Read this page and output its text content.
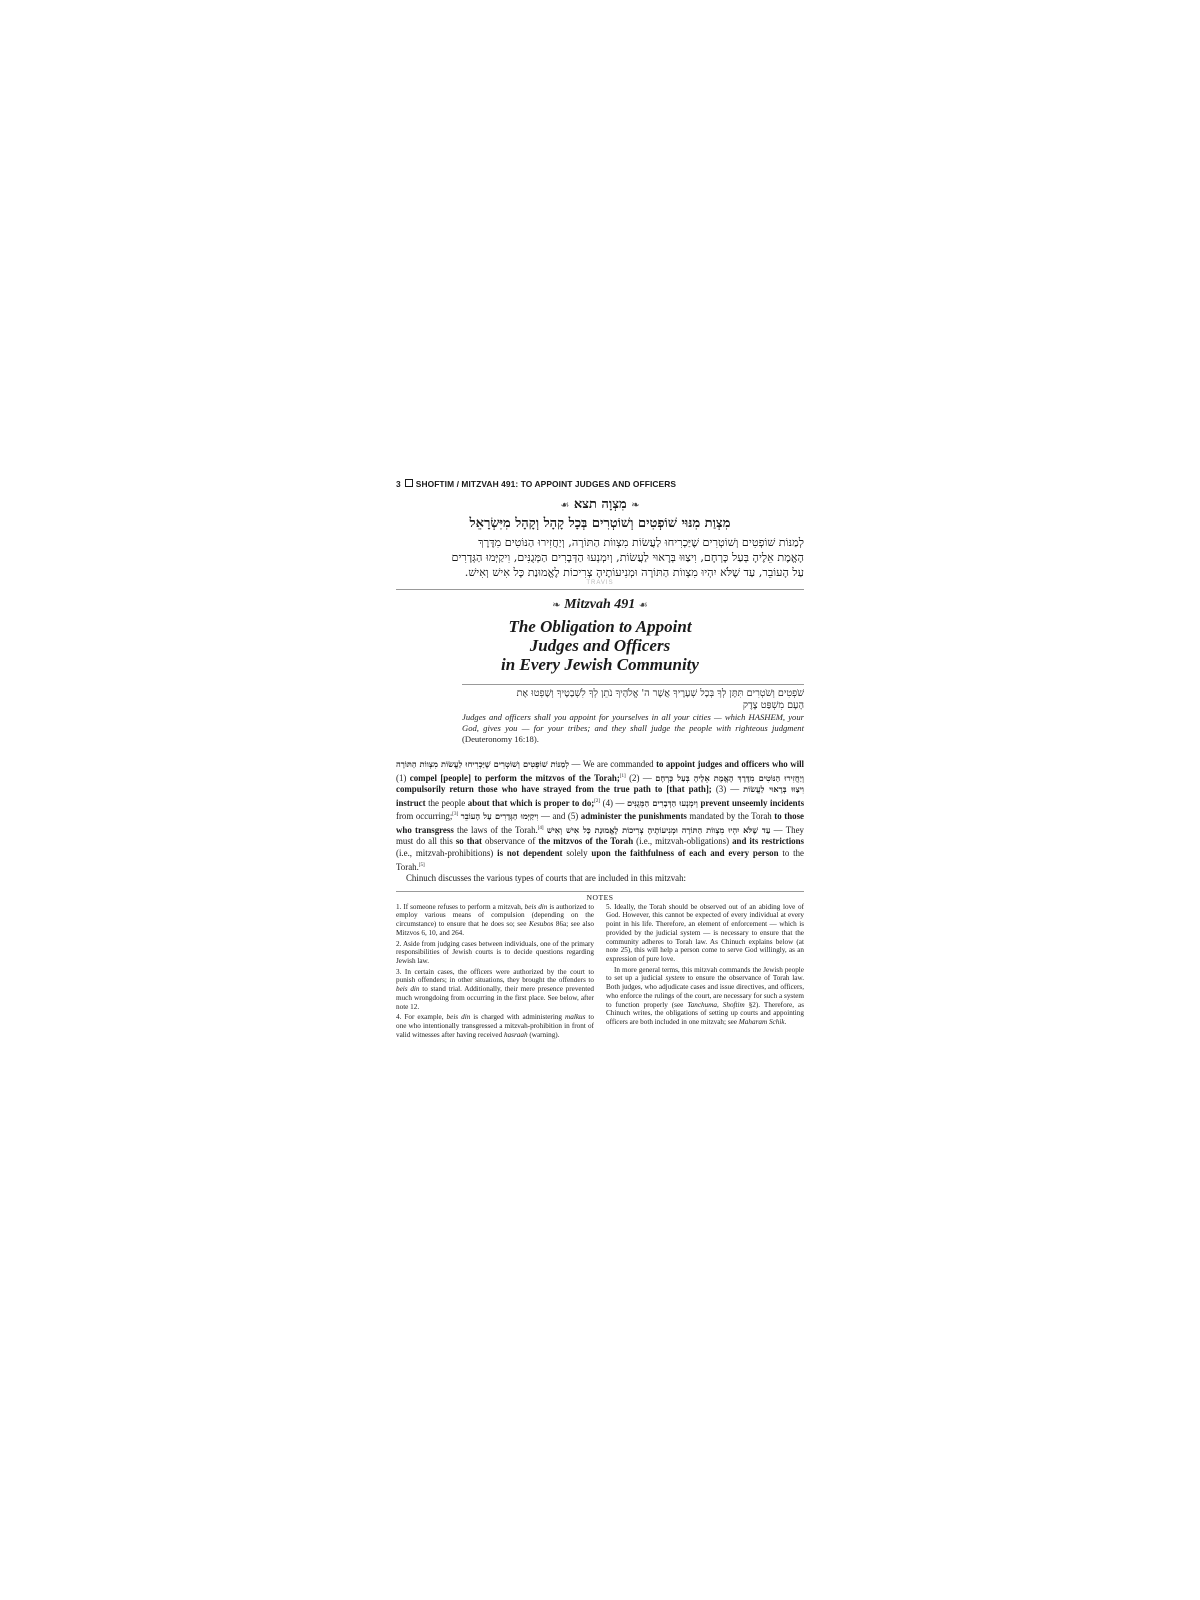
3 SHOFTIM / MITZVAH 491: TO APPOINT JUDGES AND OFFICERS
❧ מִצְוָה תצא ☙
מִצְוַת מִנּוּי שׁוֹפְטִים וְשׁוֹטְרִים בְּכָל קָהָל וְקָהָל מִיִּשְׂרָאֵל
לְמַנּוֹת שׁוֹפְטִים וְשׁוֹטְרִים שֶׁיַּכְרִיחוּ לַעֲשׂוֹת מִצְווֹת הַתּוֹרָה, וְיַחֲזִירוּ הַנּוֹטִים מִדֶּרֶךְ
הָאֱמֶת אֵלֶיהָ בְּעַל כָּרְחָם, וִיצַוּוּ בְּרָאוּי לַעֲשׂוֹת, וְיִמְנְעוּ הַדְּבָרִים הַמְּגֻנִּים, וִיקַיְּמוּ הַגְּדָרִים
עַל הָעוֹבֵר, עַד שֶׁלֹּא יִהְיוּ מִצְווֹת הַתּוֹרָה וּמְנִיעוֹתֶיהָ צְרִיכוֹת לֶאֱמוּנַת כָּל אִישׁ וְאִישׁ.
TRAVIS
❧ Mitzvah 491 ☙
The Obligation to Appoint
Judges and Officers
in Every Jewish Community
שֹׁפְטִים וְשֹׁטְרִים תִּתֶּן לְךָ בְּכָל שְׁעָרֶיךָ אֲשֶׁר ה' אֱלֹהֶיךָ נֹתֵן לְךָ לִשְׁבָטֶיךָ וְשָׁפְטוּ אֶת
הָעָם מִשְׁפַּט צֶדֶק
Judges and officers shall you appoint for yourselves in all your cities — which HASHEM, your God, gives you — for your tribes; and they shall judge the people with righteous judgment (Deuteronomy 16:18).
לְמַנּוֹת שׁוֹפְטִים וְשׁוֹטְרִים שֶׁיַּכְרִיחוּ לַעֲשׂוֹת מִצְווֹת הַתּוֹרָה — We are commanded to appoint judges and officers who will (1) compel [people] to perform the mitzvos of the Torah;[1]	וְיַחֲזִירוּ הַנּוֹטִים מִדֶּרֶךְ הָאֱמֶת אֵלֶיהָ בְּעַל כָּרְחָם — (2) compulsorily return those who have strayed from the true path to [that path];	וִיצַוּוּ בְּרָאוּי לַעֲשׂוֹת — (3) instruct the people about that which is proper to do;[2]	וְיִמְנְעוּ הַדְּבָרִים הַמְּגֻנִּים — (4) prevent unseemly incidents from occurring;[3] וִיקַיְּמוּ הַגְּדָרִים עַל הָעוֹבֵר — and (5) administer the punishments mandated by the Torah to those who transgress the laws of the Torah.[4] עַד שֶׁלֹּא יִהְיוּ מִצְווֹת הַתּוֹרָה וּמְנִיעוֹתֶיהָ צְרִיכוֹת לֶאֱמוּנַת כָּל אִישׁ וְאִישׁ — They must do all this so that observance of the mitzvos of the Torah (i.e., mitzvah-obligations) and its restrictions (i.e., mitzvah-prohibitions) is not dependent solely upon the faithfulness of each and every person to the Torah.[5]
Chinuch discusses the various types of courts that are included in this mitzvah:
NOTES

1. If someone refuses to perform a mitzvah, beis din is authorized to employ various means of compulsion (depending on the circumstance) to ensure that he does so; see Kesubos 86a; see also Mitzvos 6, 10, and 264.

2. Aside from judging cases between individuals, one of the primary responsibilities of Jewish courts is to decide questions regarding Jewish law.

3. In certain cases, the officers were authorized by the court to punish offenders; in other situations, they brought the offenders to beis din to stand trial. Additionally, their mere presence prevented much wrongdoing from occurring in the first place. See below, after note 12.

4. For example, beis din is charged with administering malkus to one who intentionally transgressed a mitzvah-prohibition in front of valid witnesses after having received hasraah (warning).

5. Ideally, the Torah should be observed out of an abiding love of God. However, this cannot be expected of every individual at every point in his life. Therefore, an element of enforcement — which is provided by the judicial system — is necessary to ensure that the community adheres to Torah law. As Chinuch explains below (at note 25), this will help a person come to serve God willingly, as an expression of pure love.

In more general terms, this mitzvah commands the Jewish people to set up a judicial system to ensure the observance of Torah law. Both judges, who adjudicate cases and issue directives, and officers, who enforce the rulings of the court, are necessary for such a system to function properly (see Tanchuma, Shoftim §2). Therefore, as Chinuch writes, the obligations of setting up courts and appointing officers are both included in one mitzvah; see Maharam Schik.
